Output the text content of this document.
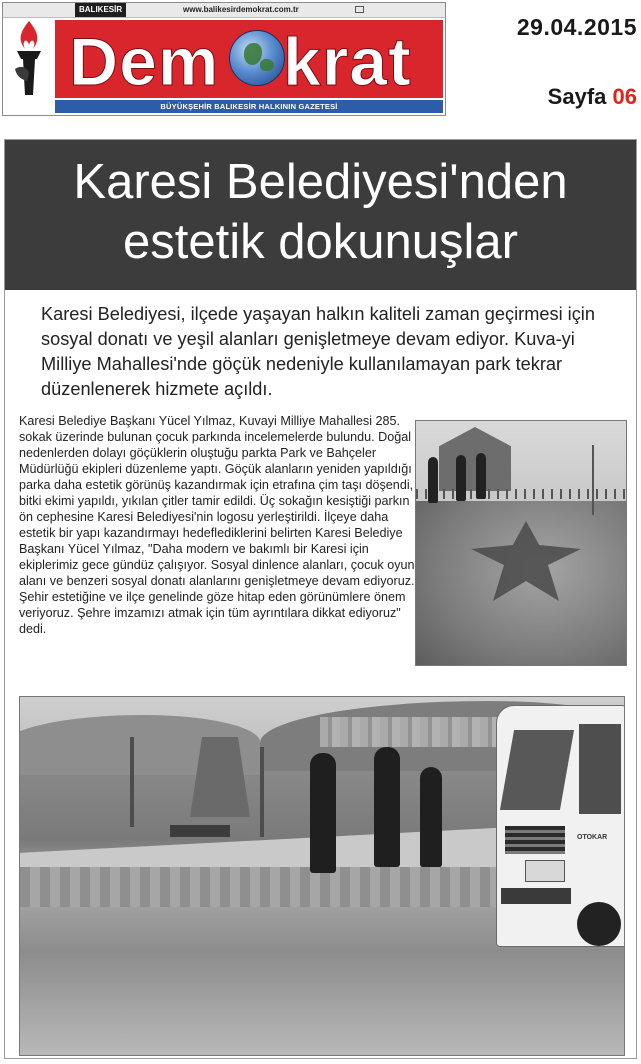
BALIKESİR	www.balikesirdemokrat.com.tr
Dem krat
BÜYÜKŞEHİR BALIKESİR HALKININ GAZETESİ
29.04.2015
Sayfa 06
Karesi Belediyesi'nden estetik dokunuşlar
Karesi Belediyesi, ilçede yaşayan halkın kaliteli zaman geçirmesi için sosyal donatı ve yeşil alanları genişletmeye devam ediyor. Kuva-yi Milliye Mahallesi'nde göçük nedeniyle kullanılamayan park tekrar düzenlenerek hizmete açıldı.
Karesi Belediye Başkanı Yücel Yılmaz, Kuvayi Milliye Mahallesi 285. sokak üzerinde bulunan çocuk parkında incelemelerde bulundu. Doğal nedenlerden dolayı göçüklerin oluştuğu parkta Park ve Bahçeler Müdürlüğü ekipleri düzenleme yaptı. Göçük alanların yeniden yapıldığı parka daha estetik görünüş kazandırmak için etrafına çim taşı döşendi, bitki ekimi yapıldı, yıkılan çitler tamir edildi. Üç sokağın kesiştiği parkın ön cephesine Karesi Belediyesi'nin logosu yerleştirildi. İlçeye daha estetik bir yapı kazandırmayı hedeflediklerini belirten Karesi Belediye Başkanı Yücel Yılmaz, "Daha modern ve bakımlı bir Karesi için ekiplerimiz gece gündüz çalışıyor. Sosyal dinlence alanları, çocuk oyun alanı ve benzeri sosyal donatı alanlarını genişletmeye devam ediyoruz. Şehir estetiğine ve ilçe genelinde göze hitap eden görünümlere önem veriyoruz. Şehre imzamızı atmak için tüm ayrıntılara dikkat ediyoruz" dedi.
OTOKAR
